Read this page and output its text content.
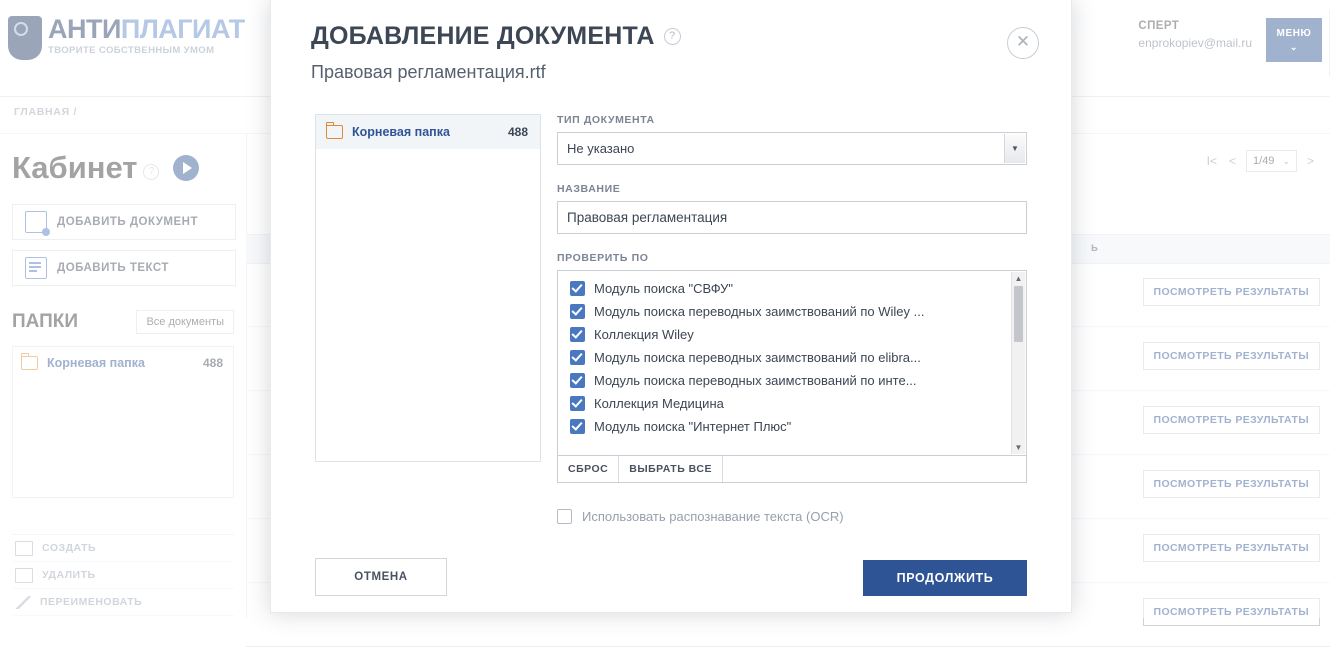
ДОБАВЛЕНИЕ ДОКУМЕНТА	?
Правовая регламентация.rtf
✕
Корневая папка	488
ТИП ДОКУМЕНТА
Не указано	▼
НАЗВАНИЕ
Правовая регламентация
ПРОВЕРИТЬ ПО
Модуль поиска "СВФУ"
Модуль поиска переводных заимствований по Wiley ...
Коллекция Wiley
Модуль поиска переводных заимствований по elibra...
Модуль поиска переводных заимствований по инте...
Коллекция Медицина
Модуль поиска "Интернет Плюс"
▲
▼
СБРОС	ВЫБРАТЬ ВСЕ
Использовать распознавание текста (OCR)
ОТМЕНА	ПРОДОЛЖИТЬ
